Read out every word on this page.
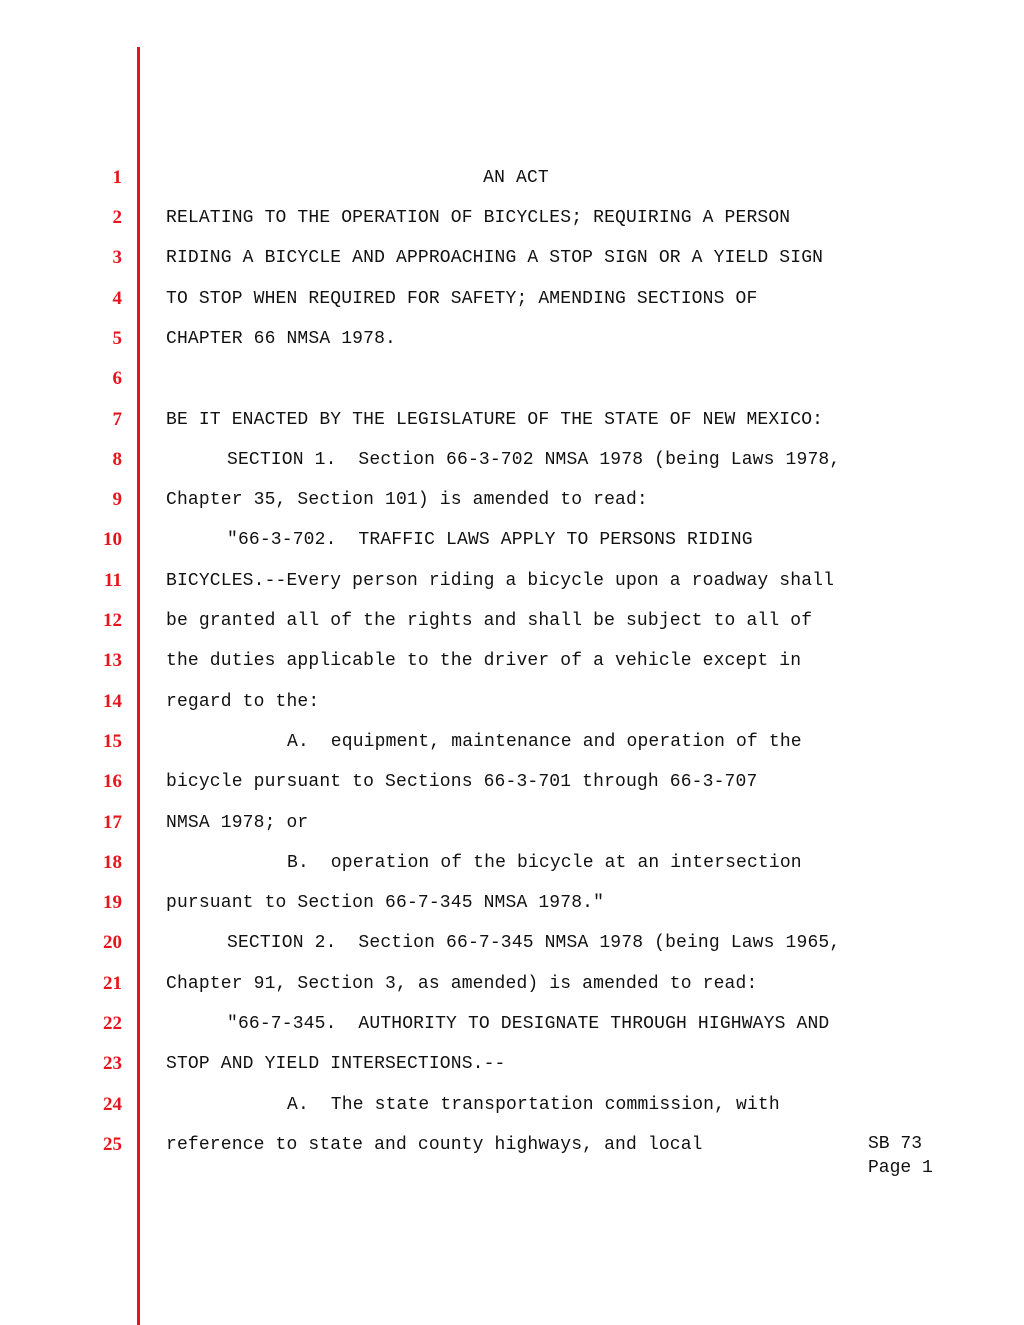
1
2
3
4
5
6
7
8
9
10
11
12
13
14
15
16
17
18
19
20
21
22
23
24
25
AN ACT
RELATING TO THE OPERATION OF BICYCLES; REQUIRING A PERSON
RIDING A BICYCLE AND APPROACHING A STOP SIGN OR A YIELD SIGN
TO STOP WHEN REQUIRED FOR SAFETY; AMENDING SECTIONS OF
CHAPTER 66 NMSA 1978.
BE IT ENACTED BY THE LEGISLATURE OF THE STATE OF NEW MEXICO:
SECTION 1.  Section 66-3-702 NMSA 1978 (being Laws 1978,
Chapter 35, Section 101) is amended to read:
"66-3-702.  TRAFFIC LAWS APPLY TO PERSONS RIDING
BICYCLES.--Every person riding a bicycle upon a roadway shall
be granted all of the rights and shall be subject to all of
the duties applicable to the driver of a vehicle except in
regard to the:
A.  equipment, maintenance and operation of the
bicycle pursuant to Sections 66-3-701 through 66-3-707
NMSA 1978; or
B.  operation of the bicycle at an intersection
pursuant to Section 66-7-345 NMSA 1978."
SECTION 2.  Section 66-7-345 NMSA 1978 (being Laws 1965,
Chapter 91, Section 3, as amended) is amended to read:
"66-7-345.  AUTHORITY TO DESIGNATE THROUGH HIGHWAYS AND
STOP AND YIELD INTERSECTIONS.--
A.  The state transportation commission, with
reference to state and county highways, and local	SB 73
Page 1
